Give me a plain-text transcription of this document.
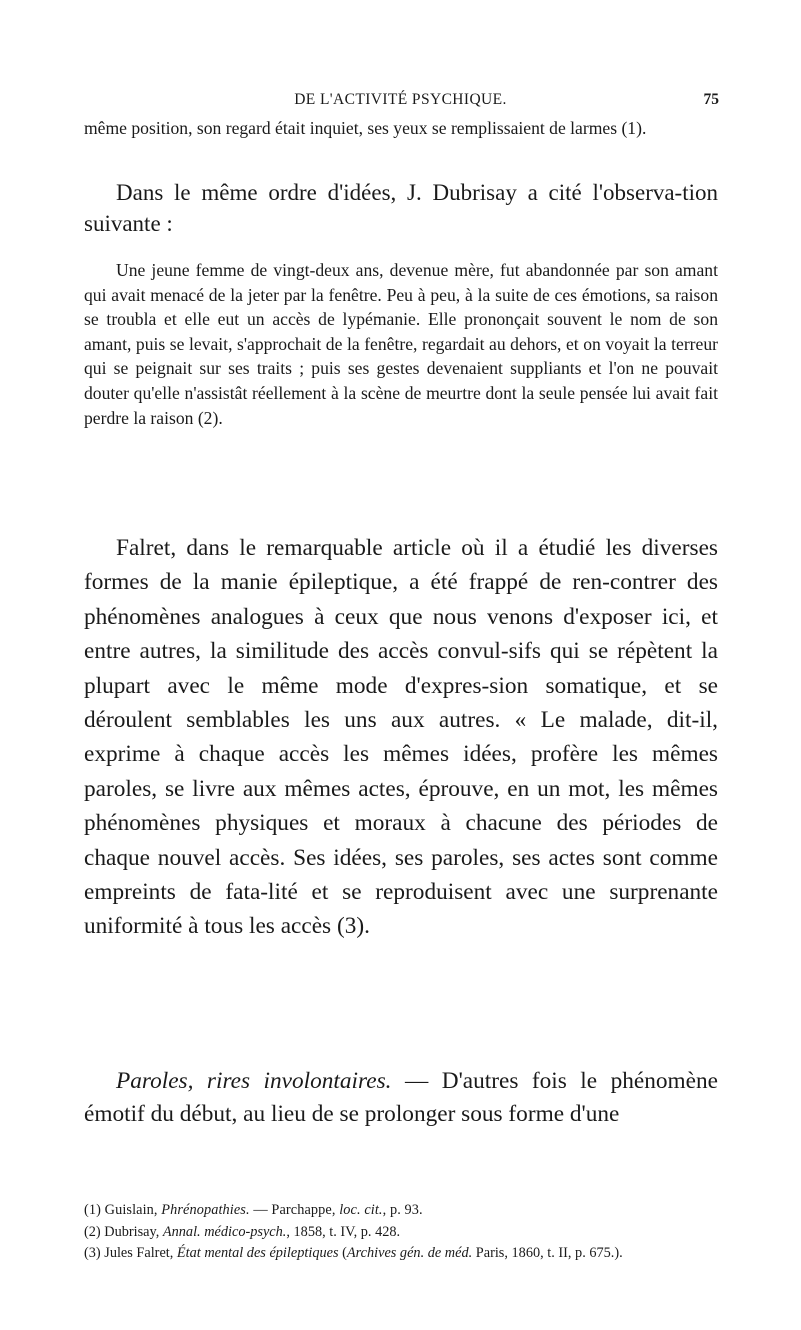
DE L'ACTIVITÉ PSYCHIQUE.	75

même position, son regard était inquiet, ses yeux se remplissaient de larmes (1).

Dans le même ordre d'idées, J. Dubrisay a cité l'observa-tion suivante :

Une jeune femme de vingt-deux ans, devenue mère, fut abandonnée par son amant qui avait menacé de la jeter par la fenêtre. Peu à peu, à la suite de ces émotions, sa raison se troubla et elle eut un accès de lypémanie. Elle prononçait souvent le nom de son amant, puis se levait, s'approchait de la fenêtre, regardait au dehors, et on voyait la terreur qui se peignait sur ses traits ; puis ses gestes devenaient suppliants et l'on ne pouvait douter qu'elle n'assistât réellement à la scène de meurtre dont la seule pensée lui avait fait perdre la raison (2).

Falret, dans le remarquable article où il a étudié les diverses formes de la manie épileptique, a été frappé de ren-contrer des phénomènes analogues à ceux que nous venons d'exposer ici, et entre autres, la similitude des accès convul-sifs qui se répètent la plupart avec le même mode d'expres-sion somatique, et se déroulent semblables les uns aux autres. « Le malade, dit-il, exprime à chaque accès les mêmes idées, profère les mêmes paroles, se livre aux mêmes actes, éprouve, en un mot, les mêmes phénomènes physiques et moraux à chacune des périodes de chaque nouvel accès. Ses idées, ses paroles, ses actes sont comme empreints de fata-lité et se reproduisent avec une surprenante uniformité à tous les accès (3).

Paroles, rires involontaires. — D'autres fois le phénomène émotif du début, au lieu de se prolonger sous forme d'une

(1) Guislain, Phrénopathies. — Parchappe, loc. cit., p. 93.

(2) Dubrisay, Annal. médico-psych., 1858, t. IV, p. 428.

(3) Jules Falret, État mental des épileptiques (Archives gén. de méd. Paris, 1860, t. II, p. 675.).
